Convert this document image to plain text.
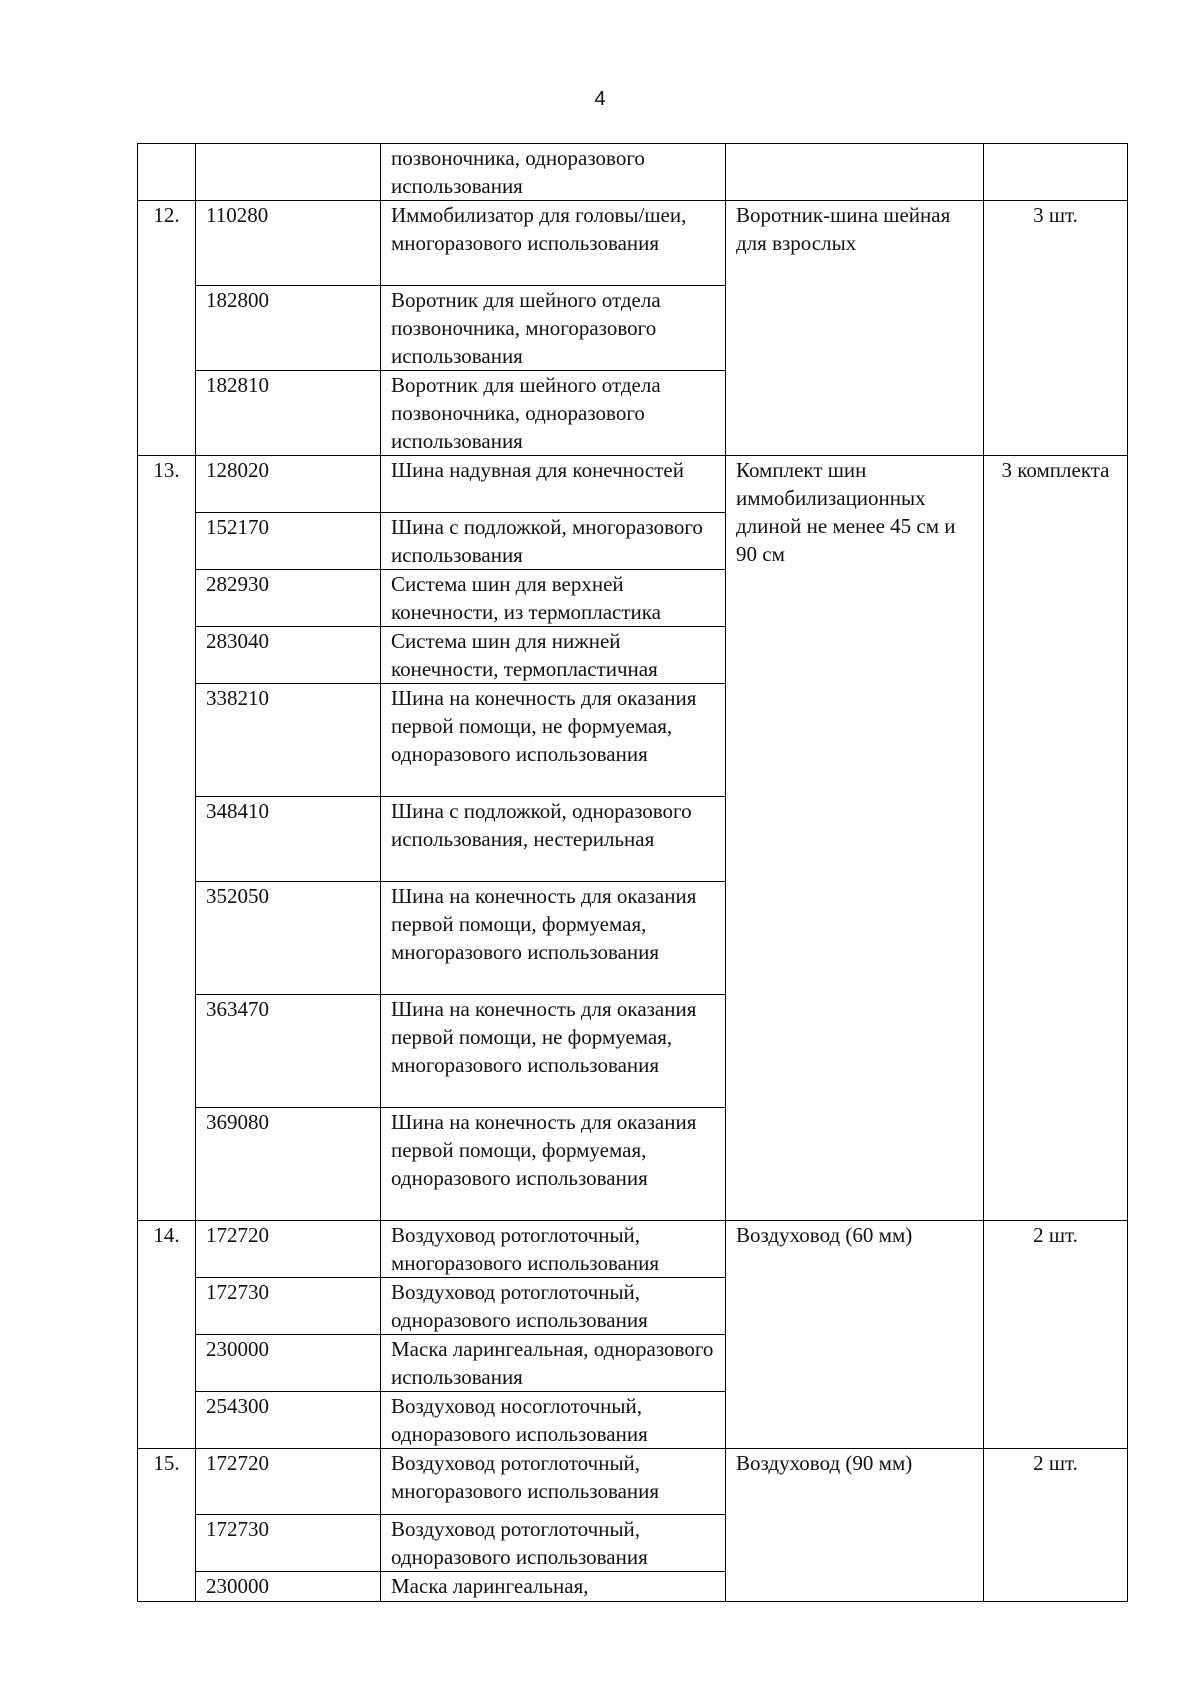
4
		позвоночника, одноразового использования		
12.	110280	Иммобилизатор для головы/шеи, многоразового использования	Воротник-шина шейная для взрослых	3 шт.
	182800	Воротник для шейного отдела позвоночника, многоразового использования		
	182810	Воротник для шейного отдела позвоночника, одноразового использования		
13.	128020	Шина надувная для конечностей	Комплект шин иммобилизационных длиной не менее 45 см и 90 см	3 комплекта
	152170	Шина с подложкой, многоразового использования		
	282930	Система шин для верхней конечности, из термопластика		
	283040	Система шин для нижней конечности, термопластичная		
	338210	Шина на конечность для оказания первой помощи, не формуемая, одноразового использования		
	348410	Шина с подложкой, одноразового использования, нестерильная		
	352050	Шина на конечность для оказания первой помощи, формуемая, многоразового использования		
	363470	Шина на конечность для оказания первой помощи, не формуемая, многоразового использования		
	369080	Шина на конечность для оказания первой помощи, формуемая, одноразового использования		
14.	172720	Воздуховод ротоглоточный, многоразового использования	Воздуховод (60 мм)	2 шт.
	172730	Воздуховод ротоглоточный, одноразового использования		
	230000	Маска ларингеальная, одноразового использования		
	254300	Воздуховод носоглоточный, одноразового использования		
15.	172720	Воздуховод ротоглоточный, многоразового использования	Воздуховод (90 мм)	2 шт.
	172730	Воздуховод ротоглоточный, одноразового использования		
	230000	Маска ларингеальная,		
